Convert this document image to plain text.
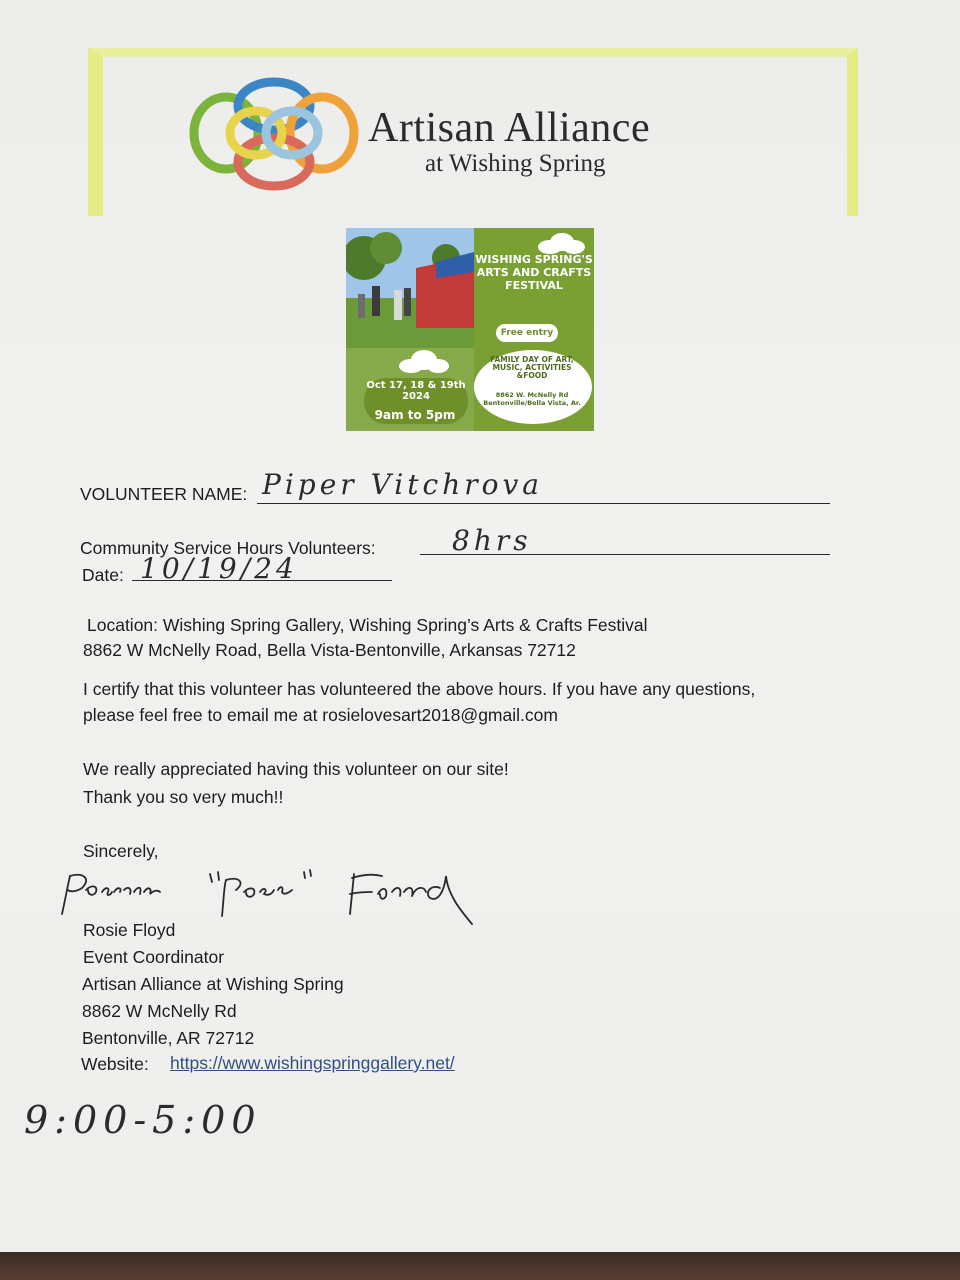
Artisan Alliance
at Wishing Spring
WISHING SPRING'S ARTS AND CRAFTS FESTIVAL
Free entry
FAMILY DAY OF ART, MUSIC, ACTIVITIES &FOOD
8862 W. McNelly Rd Bentonville/Bella Vista, Ar.
Oct 17, 18 & 19th 2024
9am to 5pm
VOLUNTEER NAME: Piper Vitchrova
Community Service Hours Volunteers:	8hrs
Date: 10/19/24
Location: Wishing Spring Gallery, Wishing Spring’s Arts & Crafts Festival
8862 W McNelly Road, Bella Vista-Bentonville, Arkansas 72712
I certify that this volunteer has volunteered the above hours. If you have any questions,
please feel free to email me at rosielovesart2018@gmail.com
We really appreciated having this volunteer on our site!
Thank you so very much!!
Sincerely,
Rosie Floyd
Event Coordinator
Artisan Alliance at Wishing Spring
8862 W McNelly Rd
Bentonville, AR 72712
Website: https://www.wishingspringgallery.net/
9:00-5:00
